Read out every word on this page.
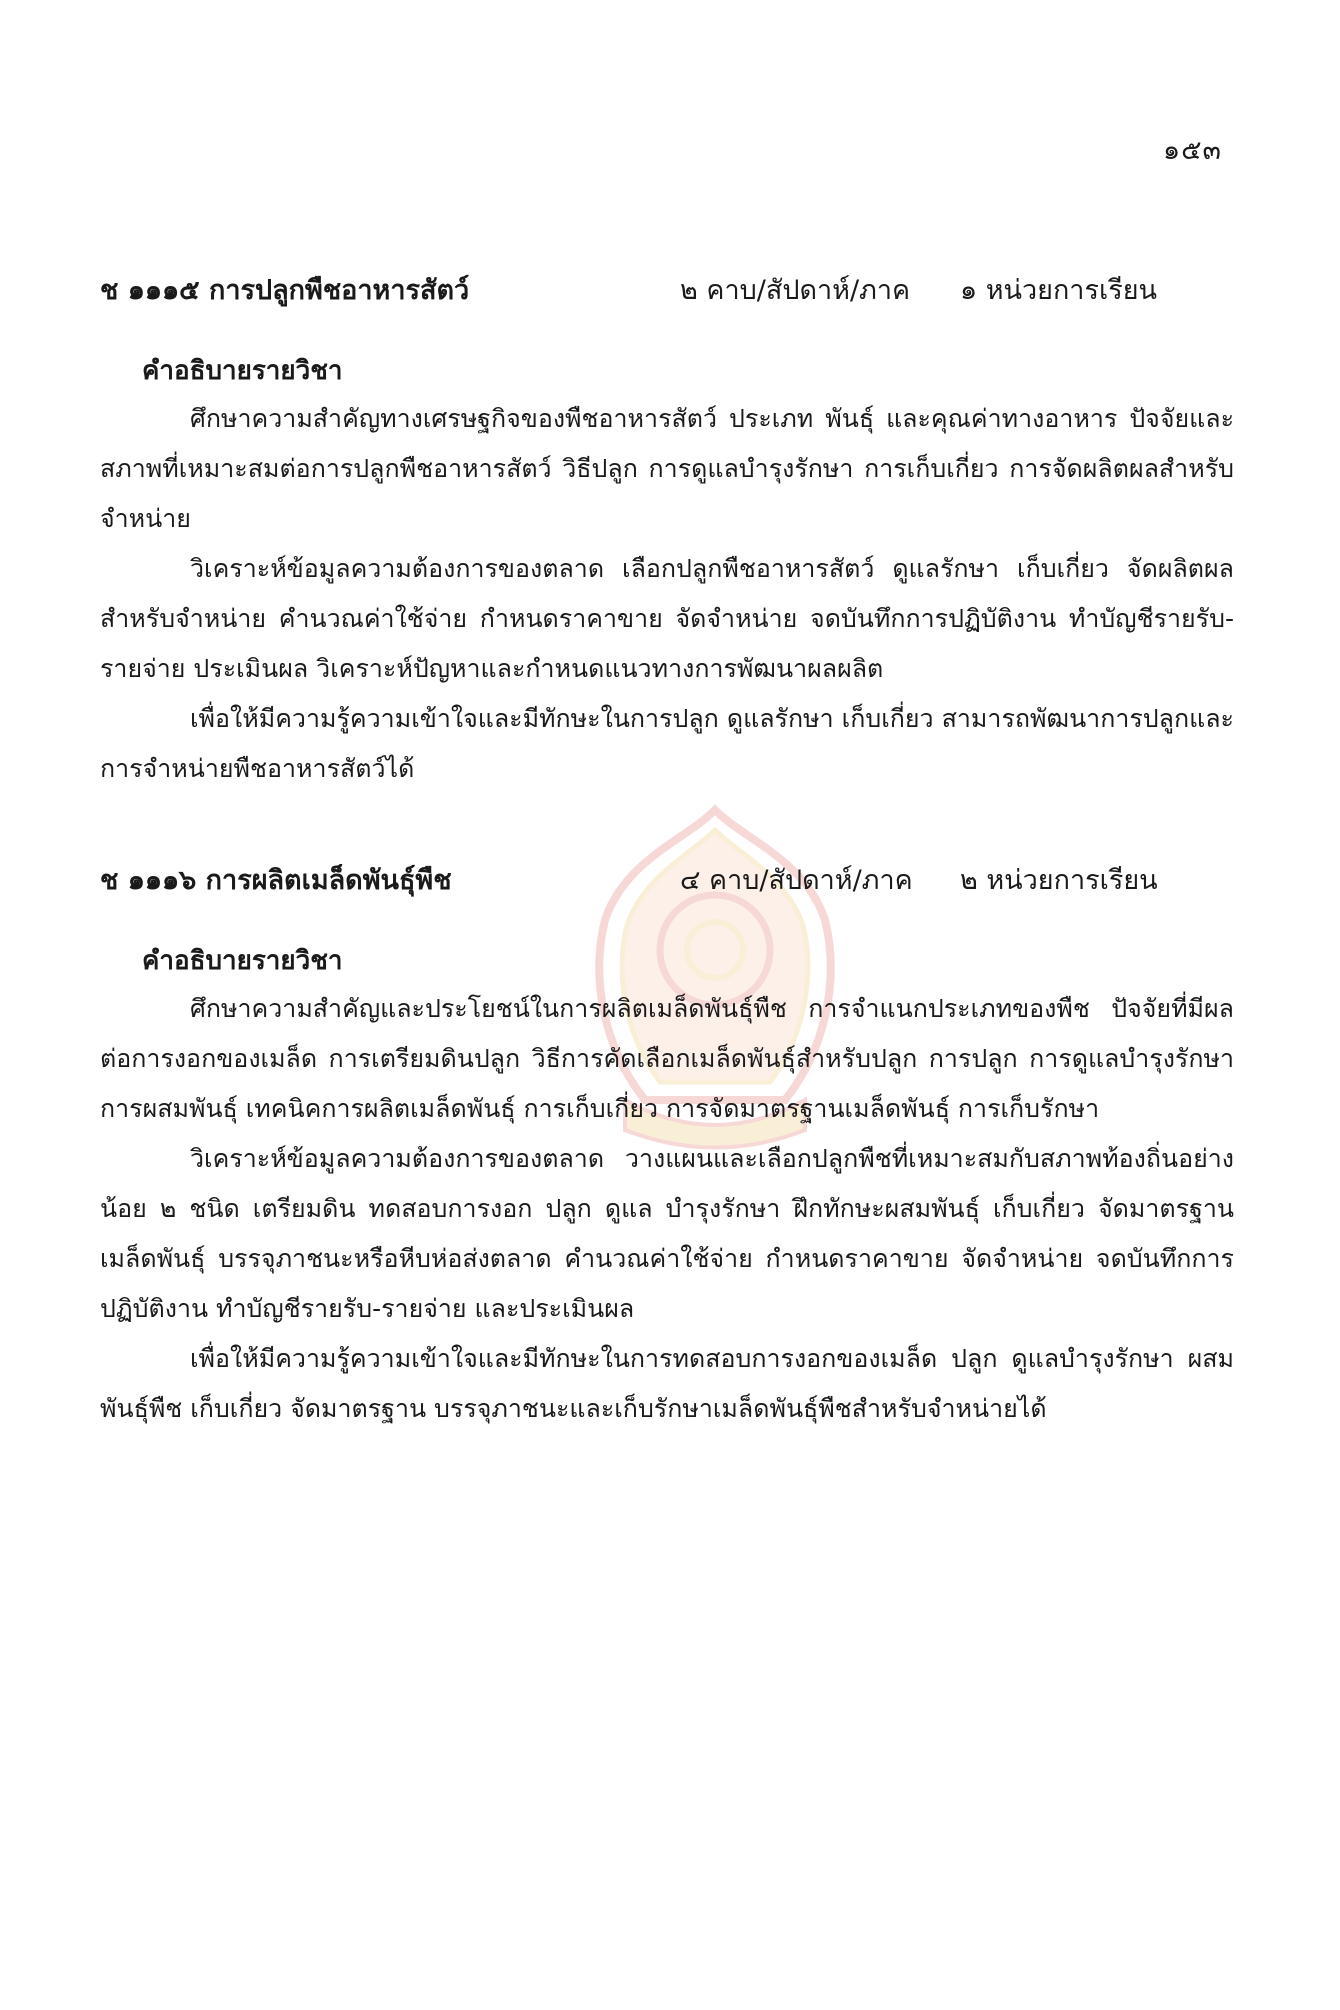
๑๕๓
ช ๑๑๑๕ การปลูกพืชอาหารสัตว์	๒ คาบ/สัปดาห์/ภาค ๑ หน่วยการเรียน
คำอธิบายรายวิชา

ศึกษาความสำคัญทางเศรษฐกิจของพืชอาหารสัตว์ ประเภท พันธุ์ และคุณค่าทางอาหาร ปัจจัยและสภาพที่เหมาะสมต่อการปลูกพืชอาหารสัตว์ วิธีปลูก การดูแลบำรุงรักษา การเก็บเกี่ยว การจัดผลิตผลสำหรับจำหน่าย

วิเคราะห์ข้อมูลความต้องการของตลาด เลือกปลูกพืชอาหารสัตว์ ดูแลรักษา เก็บเกี่ยว จัดผลิตผลสำหรับจำหน่าย คำนวณค่าใช้จ่าย กำหนดราคาขาย จัดจำหน่าย จดบันทึกการปฏิบัติงาน ทำบัญชีรายรับ-รายจ่าย ประเมินผล วิเคราะห์ปัญหาและกำหนดแนวทางการพัฒนาผลผลิต

เพื่อให้มีความรู้ความเข้าใจและมีทักษะในการปลูก ดูแลรักษา เก็บเกี่ยว สามารถพัฒนาการปลูกและการจำหน่ายพืชอาหารสัตว์ได้

ช ๑๑๑๖ การผลิตเมล็ดพันธุ์พืช	๔ คาบ/สัปดาห์/ภาค ๒ หน่วยการเรียน
คำอธิบายรายวิชา

ศึกษาความสำคัญและประโยชน์ในการผลิตเมล็ดพันธุ์พืช การจำแนกประเภทของพืช ปัจจัยที่มีผลต่อการงอกของเมล็ด การเตรียมดินปลูก วิธีการคัดเลือกเมล็ดพันธุ์สำหรับปลูก การปลูก การดูแลบำรุงรักษา การผสมพันธุ์ เทคนิคการผลิตเมล็ดพันธุ์ การเก็บเกี่ยว การจัดมาตรฐานเมล็ดพันธุ์ การเก็บรักษา

วิเคราะห์ข้อมูลความต้องการของตลาด วางแผนและเลือกปลูกพืชที่เหมาะสมกับสภาพท้องถิ่นอย่างน้อย ๒ ชนิด เตรียมดิน ทดสอบการงอก ปลูก ดูแล บำรุงรักษา ฝึกทักษะผสมพันธุ์ เก็บเกี่ยว จัดมาตรฐานเมล็ดพันธุ์ บรรจุภาชนะหรือหีบห่อส่งตลาด คำนวณค่าใช้จ่าย กำหนดราคาขาย จัดจำหน่าย จดบันทึกการปฏิบัติงาน ทำบัญชีรายรับ-รายจ่าย และประเมินผล

เพื่อให้มีความรู้ความเข้าใจและมีทักษะในการทดสอบการงอกของเมล็ด ปลูก ดูแลบำรุงรักษา ผสมพันธุ์พืช เก็บเกี่ยว จัดมาตรฐาน บรรจุภาชนะและเก็บรักษาเมล็ดพันธุ์พืชสำหรับจำหน่ายได้
